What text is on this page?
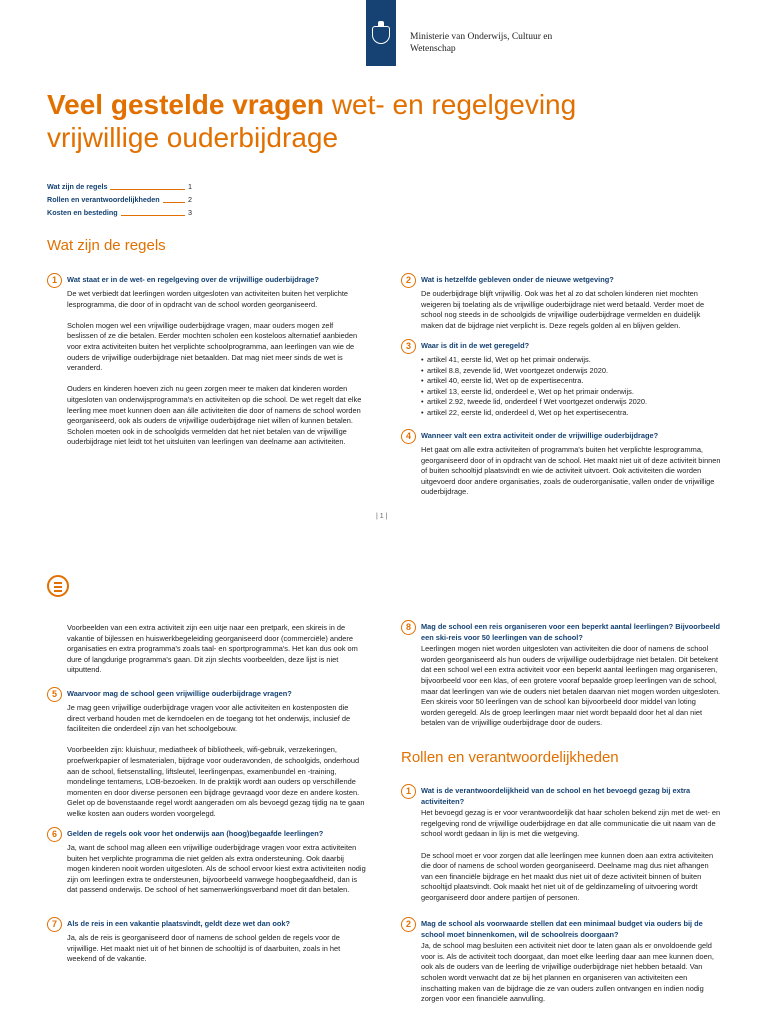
Ministerie van Onderwijs, Cultuur en
Wetenschap
Veel gestelde vragen wet- en regelgeving
vrijwillige ouderbijdrage
Wat zijn de regels	1
Rollen en verantwoordelijkheden	2
Kosten en besteding	3
Wat zijn de regels
1	Wat staat er in de wet- en regelgeving over de vrijwillige ouderbijdrage?

De wet verbiedt dat leerlingen worden uitgesloten van activiteiten buiten het verplichte lesprogramma, die door of in opdracht van de school worden georganiseerd.

Scholen mogen wel een vrijwillige ouderbijdrage vragen, maar ouders mogen zelf beslissen of ze die betalen. Eerder mochten scholen een kosteloos alternatief aanbieden voor extra activiteiten buiten het verplichte schoolprogramma, aan leerlingen van wie de ouders de vrijwillige ouderbijdrage niet betaalden. Dat mag niet meer sinds de wet is veranderd.

Ouders en kinderen hoeven zich nu geen zorgen meer te maken dat kinderen worden uitgesloten van onderwijsprogramma's en activiteiten op die school. De wet regelt dat elke leerling mee moet kunnen doen aan álle activiteiten die door of namens de school worden georganiseerd, ook als ouders de vrijwillige ouderbijdrage niet willen of kunnen betalen. Scholen moeten ook in de schoolgids vermelden dat het niet betalen van de vrijwillige ouderbijdrage niet leidt tot het uitsluiten van leerlingen van deelname aan activiteiten.

2	Wat is hetzelfde gebleven onder de nieuwe wetgeving?

De ouderbijdrage blijft vrijwillig. Ook was het al zo dat scholen kinderen niet mochten weigeren bij toelating als de vrijwillige ouderbijdrage niet werd betaald. Verder moet de school nog steeds in de schoolgids de vrijwillige ouderbijdrage vermelden en duidelijk maken dat de bijdrage niet verplicht is. Deze regels golden al en blijven gelden.

3	Waar is dit in de wet geregeld?
• artikel 41, eerste lid, Wet op het primair onderwijs.
• artikel 8.8, zevende lid, Wet voortgezet onderwijs 2020.
• artikel 40, eerste lid, Wet op de expertisecentra.
• artikel 13, eerste lid, onderdeel e, Wet op het primair onderwijs.
• artikel 2.92, tweede lid, onderdeel f Wet voortgezet onderwijs 2020.
• artikel 22, eerste lid, onderdeel d, Wet op het expertisecentra.
4	Wanneer valt een extra activiteit onder de vrijwillige ouderbijdrage?

Het gaat om alle extra activiteiten of programma's buiten het verplichte lesprogramma, georganiseerd door of in opdracht van de school. Het maakt niet uit of deze activiteit binnen of buiten schooltijd plaatsvindt en wie de activiteit uitvoert. Ook activiteiten die worden uitgevoerd door andere organisaties, zoals de ouderorganisatie, vallen onder de vrijwillige ouderbijdrage.

| 1 |

Voorbeelden van een extra activiteit zijn een uitje naar een pretpark, een skireis in de vakantie of bijlessen en huiswerkbegeleiding georganiseerd door (commerciële) andere organisaties en extra programma's zoals taal- en sportprogramma's. Het kan dus ook om dure of langdurige programma's gaan. Dit zijn slechts voorbeelden, deze lijst is niet uitputtend.

5	Waarvoor mag de school geen vrijwillige ouderbijdrage vragen?

Je mag geen vrijwillige ouderbijdrage vragen voor alle activiteiten en kostenposten die direct verband houden met de kerndoelen en de toegang tot het onderwijs, inclusief de faciliteiten die onderdeel zijn van het schoolgebouw.

Voorbeelden zijn: kluishuur, mediatheek of bibliotheek, wifi-gebruik, verzekeringen, proefwerkpapier of lesmaterialen, bijdrage voor ouderavonden, de schoolgids, onderhoud aan de school, fietsenstalling, liftsleutel, leerlingenpas, examenbundel en -training, mondelinge tentamens, LOB-bezoeken. In de praktijk wordt aan ouders op verschillende momenten en door diverse personen een bijdrage gevraagd voor deze en andere kosten. Gelet op de bovenstaande regel wordt aangeraden om als bevoegd gezag tijdig na te gaan welke kosten aan ouders worden voorgelegd.

6	Gelden de regels ook voor het onderwijs aan (hoog)begaafde leerlingen?

Ja, want de school mag alleen een vrijwillige ouderbijdrage vragen voor extra activiteiten buiten het verplichte programma die niet gelden als extra ondersteuning. Ook daarbij mogen kinderen nooit worden uitgesloten. Als de school ervoor kiest extra activiteiten nodig zijn om leerlingen extra te ondersteunen, bijvoorbeeld vanwege hoogbegaafdheid, dan is dat passend onderwijs. De school of het samenwerkingsverband moet dit dan betalen.

7	Als de reis in een vakantie plaatsvindt, geldt deze wet dan ook?

Ja, als de reis is georganiseerd door of namens de school gelden de regels voor de vrijwillige. Het maakt niet uit of het binnen de schooltijd is of daarbuiten, zoals in het weekend of de vakantie.

8	Mag de school een reis organiseren voor een beperkt aantal leerlingen? Bijvoorbeeld een ski-reis voor 50 leerlingen van de school?

Leerlingen mogen niet worden uitgesloten van activiteiten die door of namens de school worden georganiseerd als hun ouders de vrijwillige ouderbijdrage niet betalen. Dit betekent dat een school wel een extra activiteit voor een beperkt aantal leerlingen mag organiseren, bijvoorbeeld voor een klas, of een grotere vooraf bepaalde groep leerlingen van de school, maar dat leerlingen van wie de ouders niet betalen daarvan niet mogen worden uitgesloten. Een skireis voor 50 leerlingen van de school kan bijvoorbeeld door middel van loting worden geregeld. Als de groep leerlingen maar niet wordt bepaald door het al dan niet betalen van de vrijwillige ouderbijdrage door de ouders.

Rollen en verantwoordelijkheden
1	Wat is de verantwoordelijkheid van de school en het bevoegd gezag bij extra activiteiten?

Het bevoegd gezag is er voor verantwoordelijk dat haar scholen bekend zijn met de wet- en regelgeving rond de vrijwillige ouderbijdrage en dat alle communicatie die uit naam van de school wordt gedaan in lijn is met die wetgeving.

De school moet er voor zorgen dat alle leerlingen mee kunnen doen aan extra activiteiten die door of namens de school worden georganiseerd. Deelname mag dus niet afhangen van een financiële bijdrage en het maakt dus niet uit of deze activiteit binnen of buiten schooltijd plaatsvindt. Ook maakt het niet uit of de geldinzameling of uitvoering wordt georganiseerd door andere partijen of personen.

2	Mag de school als voorwaarde stellen dat een minimaal budget via ouders bij de school moet binnenkomen, wil de schoolreis doorgaan?

Ja, de school mag besluiten een activiteit niet door te laten gaan als er onvoldoende geld voor is. Als de activiteit toch doorgaat, dan moet elke leerling daar aan mee kunnen doen, ook als de ouders van de leerling de vrijwillige ouderbijdrage niet hebben betaald. Van scholen wordt verwacht dat ze bij het plannen en organiseren van activiteiten een inschatting maken van de bijdrage die ze van ouders zullen ontvangen en indien nodig zorgen voor een financiële aanvulling.
